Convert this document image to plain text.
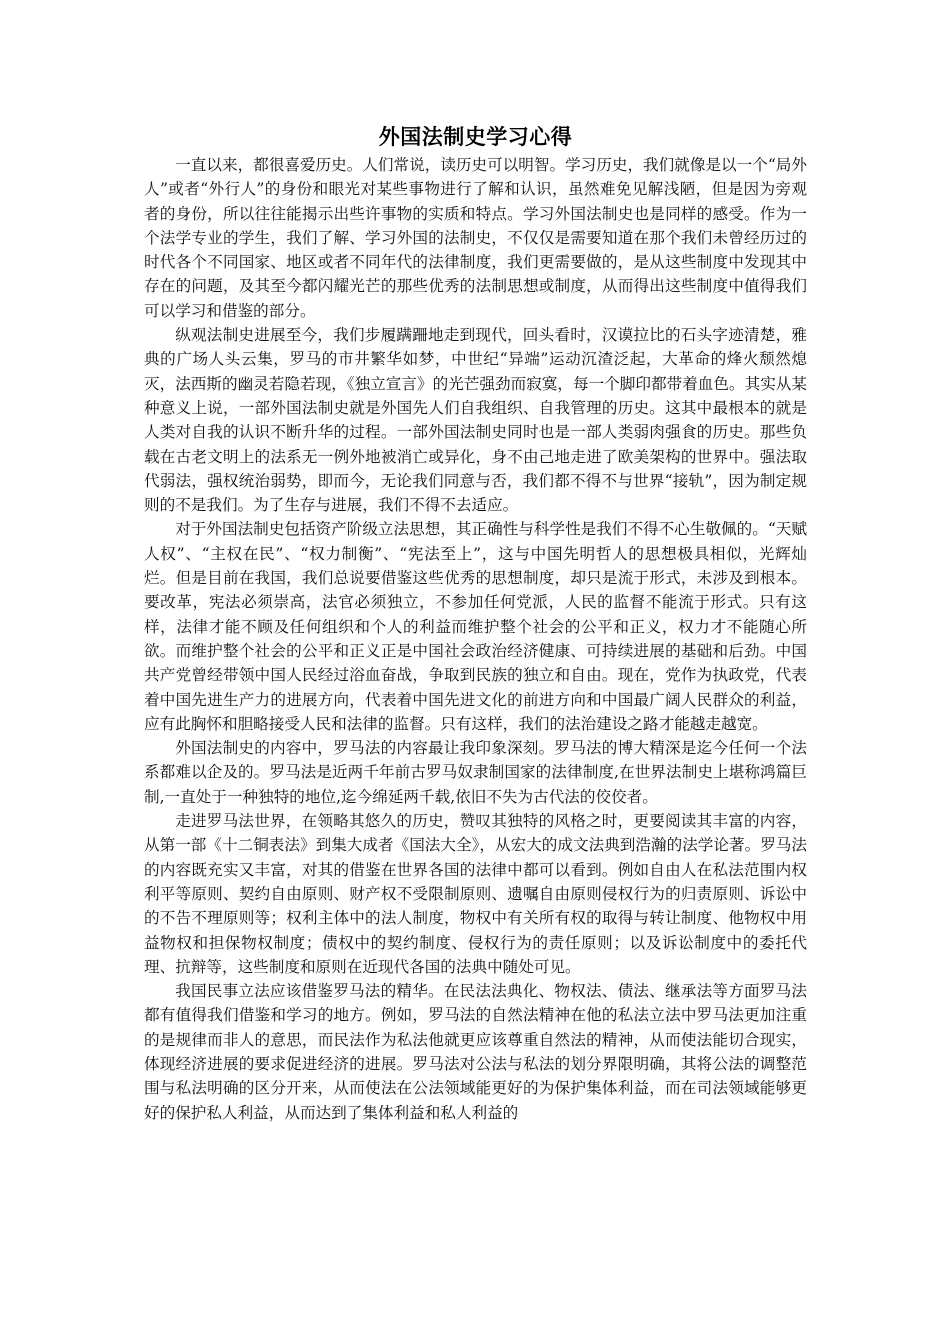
外国法制史学习心得

一直以来，都很喜爱历史。人们常说，读历史可以明智。学习历史，我们就像是以一个“局外人”或者“外行人”的身份和眼光对某些事物进行了解和认识，虽然难免见解浅陋，但是因为旁观者的身份，所以往往能揭示出些许事物的实质和特点。学习外国法制史也是同样的感受。作为一个法学专业的学生，我们了解、学习外国的法制史，不仅仅是需要知道在那个我们未曾经历过的时代各个不同国家、地区或者不同年代的法律制度，我们更需要做的，是从这些制度中发现其中存在的问题，及其至今都闪耀光芒的那些优秀的法制思想或制度，从而得出这些制度中值得我们可以学习和借鉴的部分。

纵观法制史进展至今，我们步履蹒跚地走到现代，回头看时，汉谟拉比的石头字迹清楚，雅典的广场人头云集，罗马的市井繁华如梦，中世纪“异端”运动沉渣泛起，大革命的烽火颓然熄灭，法西斯的幽灵若隐若现，《独立宣言》的光芒强劲而寂寞，每一个脚印都带着血色。其实从某种意义上说，一部外国法制史就是外国先人们自我组织、自我管理的历史。这其中最根本的就是人类对自我的认识不断升华的过程。一部外国法制史同时也是一部人类弱肉强食的历史。那些负载在古老文明上的法系无一例外地被消亡或异化，身不由己地走进了欧美架构的世界中。强法取代弱法，强权统治弱势，即而今，无论我们同意与否，我们都不得不与世界“接轨”，因为制定规则的不是我们。为了生存与进展，我们不得不去适应。

对于外国法制史包括资产阶级立法思想，其正确性与科学性是我们不得不心生敬佩的。“天赋人权”、“主权在民”、“权力制衡”、“宪法至上”，这与中国先明哲人的思想极具相似，光辉灿烂。但是目前在我国，我们总说要借鉴这些优秀的思想制度，却只是流于形式，未涉及到根本。要改革，宪法必须崇高，法官必须独立，不参加任何党派，人民的监督不能流于形式。只有这样，法律才能不顾及任何组织和个人的利益而维护整个社会的公平和正义，权力才不能随心所欲。而维护整个社会的公平和正义正是中国社会政治经济健康、可持续进展的基础和后劲。中国共产党曾经带领中国人民经过浴血奋战，争取到民族的独立和自由。现在，党作为执政党，代表着中国先进生产力的进展方向，代表着中国先进文化的前进方向和中国最广阔人民群众的利益，应有此胸怀和胆略接受人民和法律的监督。只有这样，我们的法治建设之路才能越走越宽。

外国法制史的内容中，罗马法的内容最让我印象深刻。罗马法的博大精深是迄今任何一个法系都难以企及的。罗马法是近两千年前古罗马奴隶制国家的法律制度,在世界法制史上堪称鸿篇巨制,一直处于一种独特的地位,迄今绵延两千载,依旧不失为古代法的佼佼者。

走进罗马法世界，在领略其悠久的历史，赞叹其独特的风格之时，更要阅读其丰富的内容，从第一部《十二铜表法》到集大成者《国法大全》，从宏大的成文法典到浩瀚的法学论著。罗马法的内容既充实又丰富，对其的借鉴在世界各国的法律中都可以看到。例如自由人在私法范围内权利平等原则、契约自由原则、财产权不受限制原则、遗嘱自由原则侵权行为的归责原则、诉讼中的不告不理原则等；权利主体中的法人制度，物权中有关所有权的取得与转让制度、他物权中用益物权和担保物权制度；债权中的契约制度、侵权行为的责任原则；以及诉讼制度中的委托代理、抗辩等，这些制度和原则在近现代各国的法典中随处可见。

我国民事立法应该借鉴罗马法的精华。在民法法典化、物权法、债法、继承法等方面罗马法都有值得我们借鉴和学习的地方。例如，罗马法的自然法精神在他的私法立法中罗马法更加注重的是规律而非人的意思，而民法作为私法他就更应该尊重自然法的精神，从而使法能切合现实，体现经济进展的要求促进经济的进展。罗马法对公法与私法的划分界限明确，其将公法的调整范围与私法明确的区分开来，从而使法在公法领域能更好的为保护集体利益，而在司法领域能够更好的保护私人利益，从而达到了集体利益和私人利益的
